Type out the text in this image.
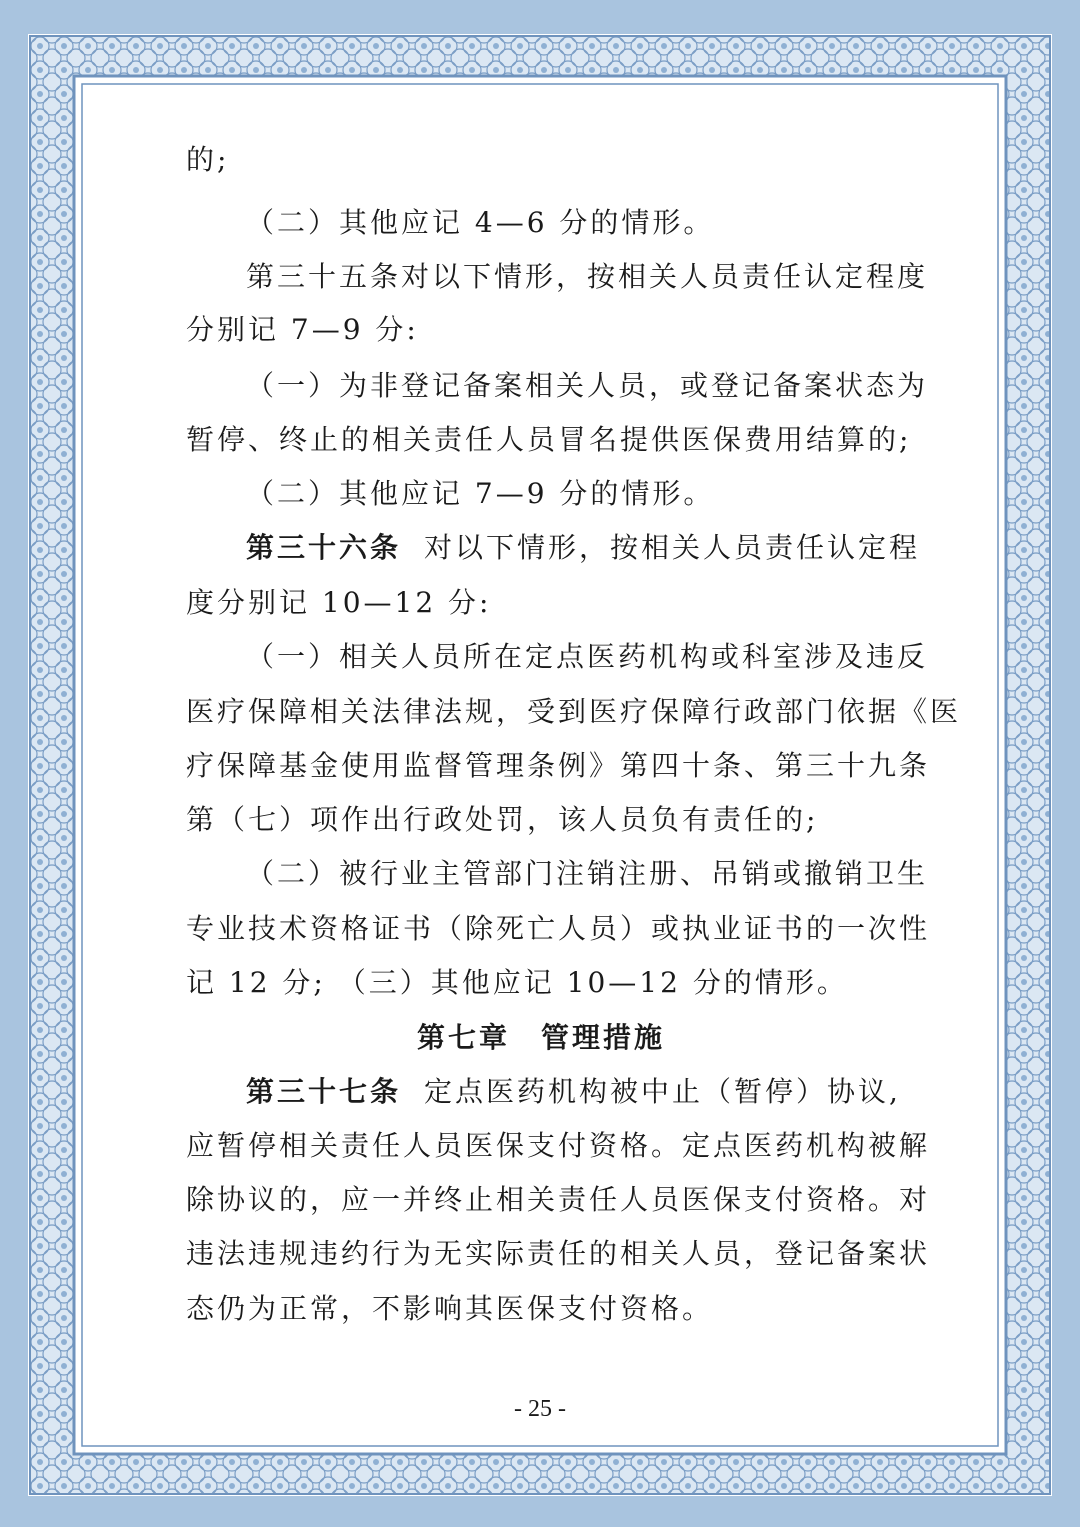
的;
（二）其他应记 4—6 分的情形。
第三十五条对以下情形，按相关人员责任认定程度
分别记 7—9 分:
（一）为非登记备案相关人员，或登记备案状态为
暂停、终止的相关责任人员冒名提供医保费用结算的;
（二）其他应记 7—9 分的情形。
第三十六条 对以下情形，按相关人员责任认定程
度分别记 10—12 分:
（一）相关人员所在定点医药机构或科室涉及违反
医疗保障相关法律法规，受到医疗保障行政部门依据《医
疗保障基金使用监督管理条例》第四十条、第三十九条
第（七）项作出行政处罚，该人员负有责任的;
（二）被行业主管部门注销注册、吊销或撤销卫生
专业技术资格证书（除死亡人员）或执业证书的一次性
记 12 分; （三）其他应记 10—12 分的情形。
第七章　管理措施
第三十七条 定点医药机构被中止（暂停）协议,
应暂停相关责任人员医保支付资格。定点医药机构被解
除协议的，应一并终止相关责任人员医保支付资格。对
违法违规违约行为无实际责任的相关人员，登记备案状
态仍为正常，不影响其医保支付资格。
- 25 -
